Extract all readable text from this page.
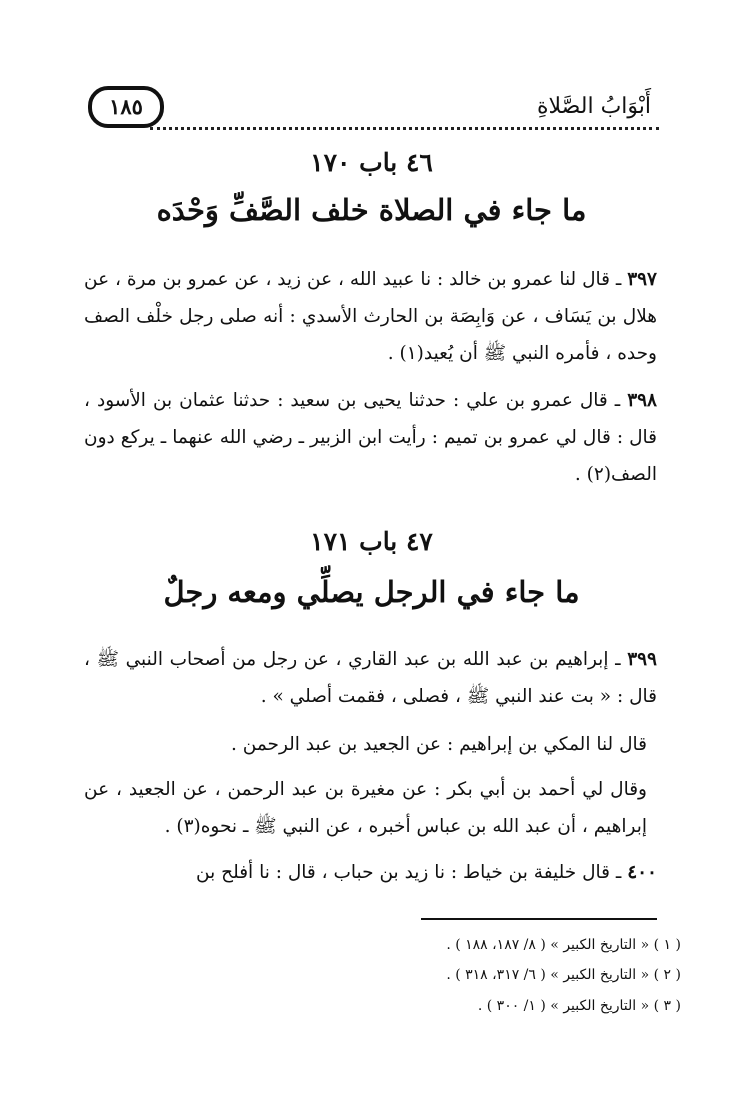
أَبْوَابُ الصَّلاةِ
١٨٥
٤٦ باب ١٧٠
ما جاء في الصلاة خلف الصَّفِّ وَحْدَه
٣٩٧ ـ قال لنا عمرو بن خالد : نا عبيد الله ، عن زيد ، عن عمرو بن مرة ، عن هلال بن يَسَاف ، عن وَابِصَة بن الحارث الأسدي : أنه صلى رجل خلْف الصف وحده ، فأمره النبي ﷺ أن يُعيد(١) .
٣٩٨ ـ قال عمرو بن علي : حدثنا يحيى بن سعيد : حدثنا عثمان بن الأسود ، قال : قال لي عمرو بن تميم : رأيت ابن الزبير ـ رضي الله عنهما ـ يركع دون الصف(٢) .
٤٧ باب ١٧١
ما جاء في الرجل يصلِّي ومعه رجلٌ
٣٩٩ ـ إبراهيم بن عبد الله بن عبد القاري ، عن رجل من أصحاب النبي ﷺ ، قال : « بت عند النبي ﷺ ، فصلى ، فقمت أصلي » .
قال لنا المكي بن إبراهيم : عن الجعيد بن عبد الرحمن .
وقال لي أحمد بن أبي بكر : عن مغيرة بن عبد الرحمن ، عن الجعيد ، عن إبراهيم ، أن عبد الله بن عباس أخبره ، عن النبي ﷺ ـ نحوه(٣) .
٤٠٠ ـ قال خليفة بن خياط : نا زيد بن حباب ، قال : نا أفلح بن
( ١ ) « التاريخ الكبير » ( ٨/ ١٨٧، ١٨٨ ) .
( ٢ ) « التاريخ الكبير » ( ٦/ ٣١٧، ٣١٨ ) .
( ٣ ) « التاريخ الكبير » ( ١/ ٣٠٠ ) .
